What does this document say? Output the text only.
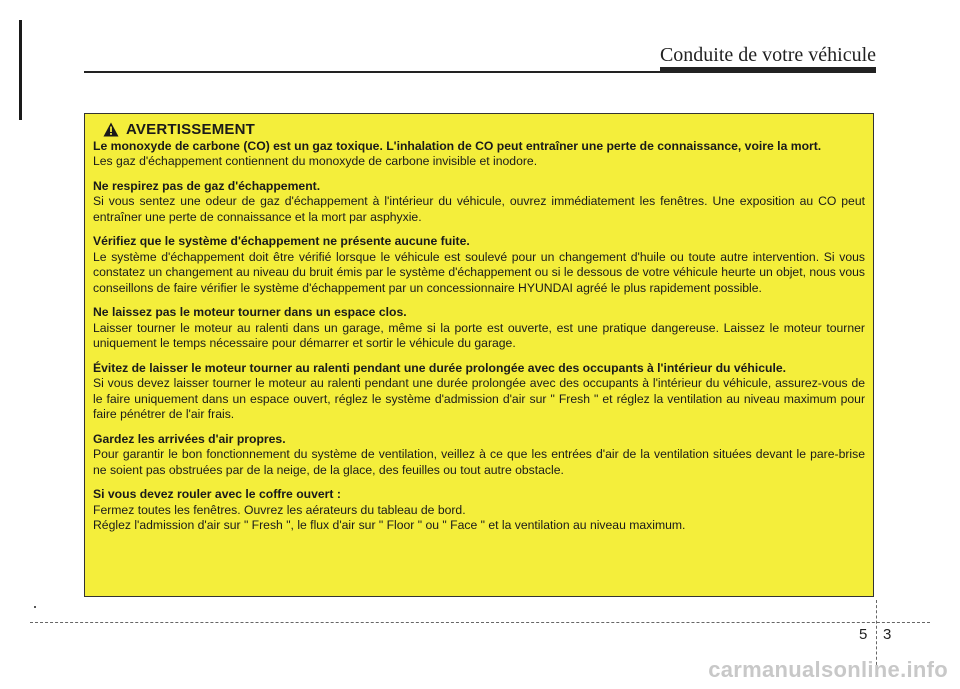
Conduite de votre véhicule
AVERTISSEMENT
Le monoxyde de carbone (CO) est un gaz toxique. L'inhalation de CO peut entraîner une perte de connaissance, voire la mort.

Les gaz d'échappement contiennent du monoxyde de carbone invisible et inodore.

Ne respirez pas de gaz d'échappement.

Si vous sentez une odeur de gaz d'échappement à l'intérieur du véhicule, ouvrez immédiatement les fenêtres. Une exposition au CO peut entraîner une perte de connaissance et la mort par asphyxie.

Vérifiez que le système d'échappement ne présente aucune fuite.

Le système d'échappement doit être vérifié lorsque le véhicule est soulevé pour un changement d'huile ou toute autre intervention. Si vous constatez un changement au niveau du bruit émis par le système d'échappement ou si le dessous de votre véhicule heurte un objet, nous vous conseillons de faire vérifier le système d'échappement par un concessionnaire HYUNDAI agréé le plus rapidement possible.

Ne laissez pas le moteur tourner dans un espace clos.

Laisser tourner le moteur au ralenti dans un garage, même si la porte est ouverte, est une pratique dangereuse. Laissez le moteur tourner uniquement le temps nécessaire pour démarrer et sortir le véhicule du garage.

Évitez de laisser le moteur tourner au ralenti pendant une durée prolongée avec des occupants à l'intérieur du véhicule.

Si vous devez laisser tourner le moteur au ralenti pendant une durée prolongée avec des occupants à l'intérieur du véhicule, assurez-vous de le faire uniquement dans un espace ouvert, réglez le système d'admission d'air sur " Fresh " et réglez la ventilation au niveau maximum pour faire pénétrer de l'air frais.

Gardez les arrivées d'air propres.

Pour garantir le bon fonctionnement du système de ventilation, veillez à ce que les entrées d'air de la ventilation situées devant le pare-brise ne soient pas obstruées par de la neige, de la glace, des feuilles ou tout autre obstacle.

Si vous devez rouler avec le coffre ouvert :

Fermez toutes les fenêtres. Ouvrez les aérateurs du tableau de bord.

Réglez l'admission d'air sur " Fresh ", le flux d'air sur " Floor " ou " Face " et la ventilation au niveau maximum.

5 3
carmanualsonline.info
